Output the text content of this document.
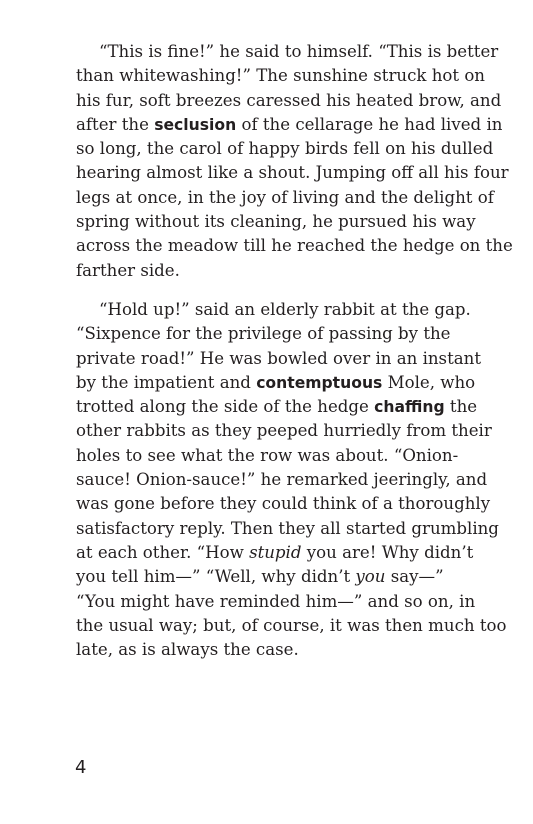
“This is fine!” he said to himself. “This is better
than whitewashing!” The sunshine struck hot on
his fur, soft breezes caressed his heated brow, and
after the seclusion of the cellarage he had lived in
so long, the carol of happy birds fell on his dulled
hearing almost like a shout. Jumping off all his four
legs at once, in the joy of living and the delight of
spring without its cleaning, he pursued his way
across the meadow till he reached the hedge on the
farther side.
“Hold up!” said an elderly rabbit at the gap.
“Sixpence for the privilege of passing by the
private road!” He was bowled over in an instant
by the impatient and contemptuous Mole, who
trotted along the side of the hedge chaffing the
other rabbits as they peeped hurriedly from their
holes to see what the row was about. “Onion-
sauce! Onion-sauce!” he remarked jeeringly, and
was gone before they could think of a thoroughly
satisfactory reply. Then they all started grumbling
at each other. “How stupid you are! Why didn’t
you tell him—” “Well, why didn’t you say—”
“You might have reminded him—” and so on, in
the usual way; but, of course, it was then much too
late, as is always the case.
4
